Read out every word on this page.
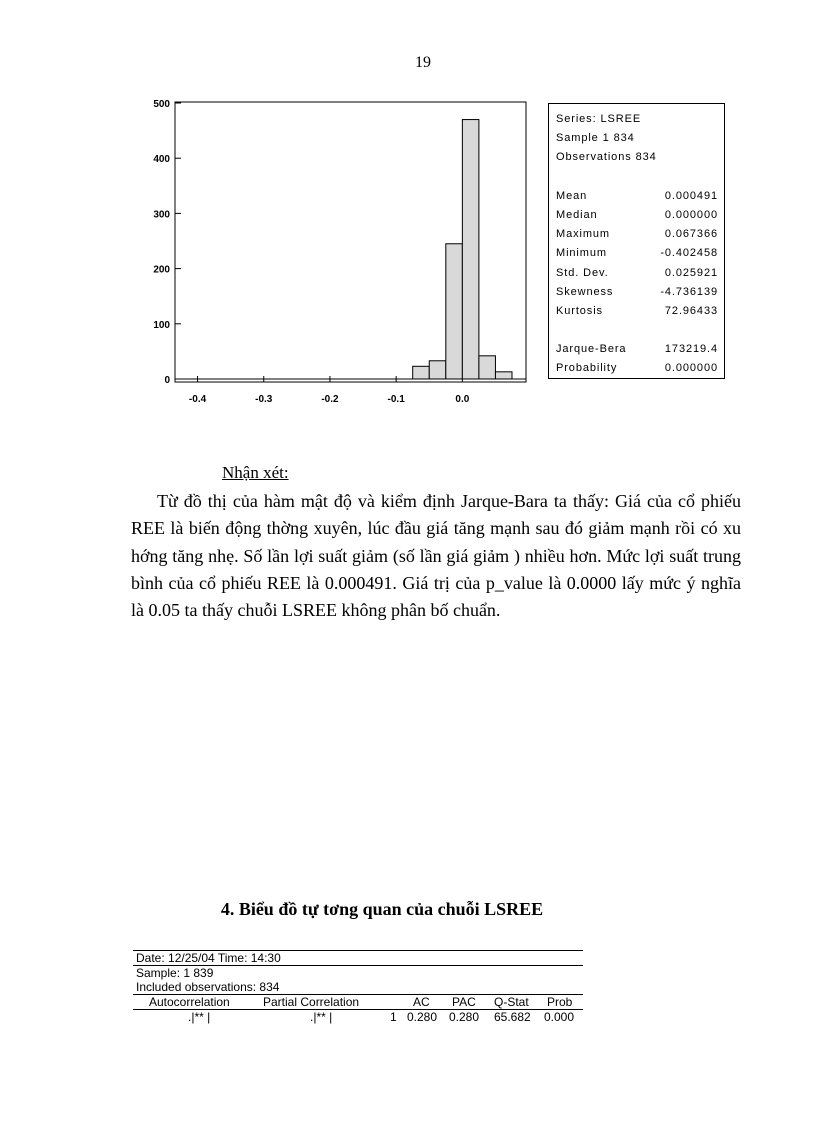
19
0
100
200
300
400
500
-0.4	-0.3	-0.2	-0.1	0.0
Series: LSREE
Sample 1 834
Observations 834
Mean	0.000491
Median	0.000000
Maximum	0.067366
Minimum	-0.402458
Std. Dev.	0.025921
Skewness	-4.736139
Kurtosis	72.96433
Jarque-Bera	173219.4
Probability	0.000000
Nhận xét:
Từ đồ thị của hàm mật độ và kiểm định Jarque-Bara ta thấy: Giá của cổ phiếu REE là biến động thờng xuyên, lúc đầu giá tăng mạnh sau đó giảm mạnh rồi có xu hớng tăng nhẹ. Số lần lợi suất giảm (số lần giá giảm ) nhiều hơn. Mức lợi suất trung bình của cổ phiếu REE là 0.000491. Giá trị của p_value là 0.0000 lấy mức ý nghĩa là 0.05 ta thấy chuỗi LSREE không phân bố chuẩn.
4. Biểu đồ tự tơng quan của chuỗi LSREE
Date: 12/25/04 Time: 14:30
Sample: 1 839
Included observations: 834
Autocorrelation	Partial Correlation	AC PAC Q-Stat Prob
.|** |	.|** |	1 0.280 0.280 65.682 0.000
